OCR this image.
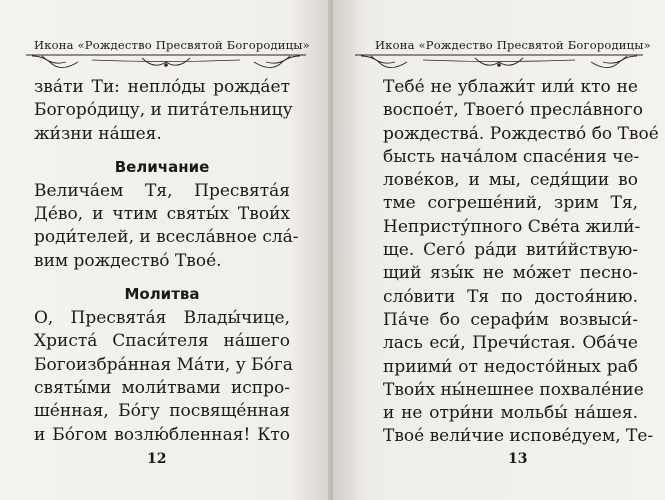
Икона «Рождество Пресвятой Богородицы»
зва́ти Ти: непло́ды рожда́ет
Богоро́дицу, и пита́тельницу
жи́зни на́шея.
Величание
Велича́ем Тя, Пресвята́я
Де́во, и чтим святы́х Твои́х
роди́телей, и всесла́вное сла́-
вим рождество́ Твое́.
Молитва
О, Пресвята́я Влады́чице,
Христа́ Спаси́теля на́шего
Богоизбра́нная Ма́ти, у Бо́га
святы́ми моли́твами испро-
ше́нная, Бо́гу посвяще́нная
и Бо́гом возлю́бленная! Кто
12
Икона «Рождество Пресвятой Богородицы»
Тебе́ не ублажи́т или́ кто не
воспое́т, Твоего́ пресла́вного
рождества́. Рождество́ бо Твое́
бысть нача́лом спасе́ния че-
лове́ков, и мы, седя́щии во
тме согреше́ний, зрим Тя,
Непристу́пного Све́та жили́-
ще. Сего́ ра́ди вити́йствую-
щий язы́к не мо́жет песно-
сло́вити Тя по достоя́нию.
Па́че бо серафи́м возвыси́-
лась еси́, Пречи́стая. Оба́че
приими́ от недосто́йных раб
Твои́х ны́нешнее похвале́ние
и не отри́ни мольбы́ на́шея.
Твое́ вели́чие испове́дуем, Те-
13
